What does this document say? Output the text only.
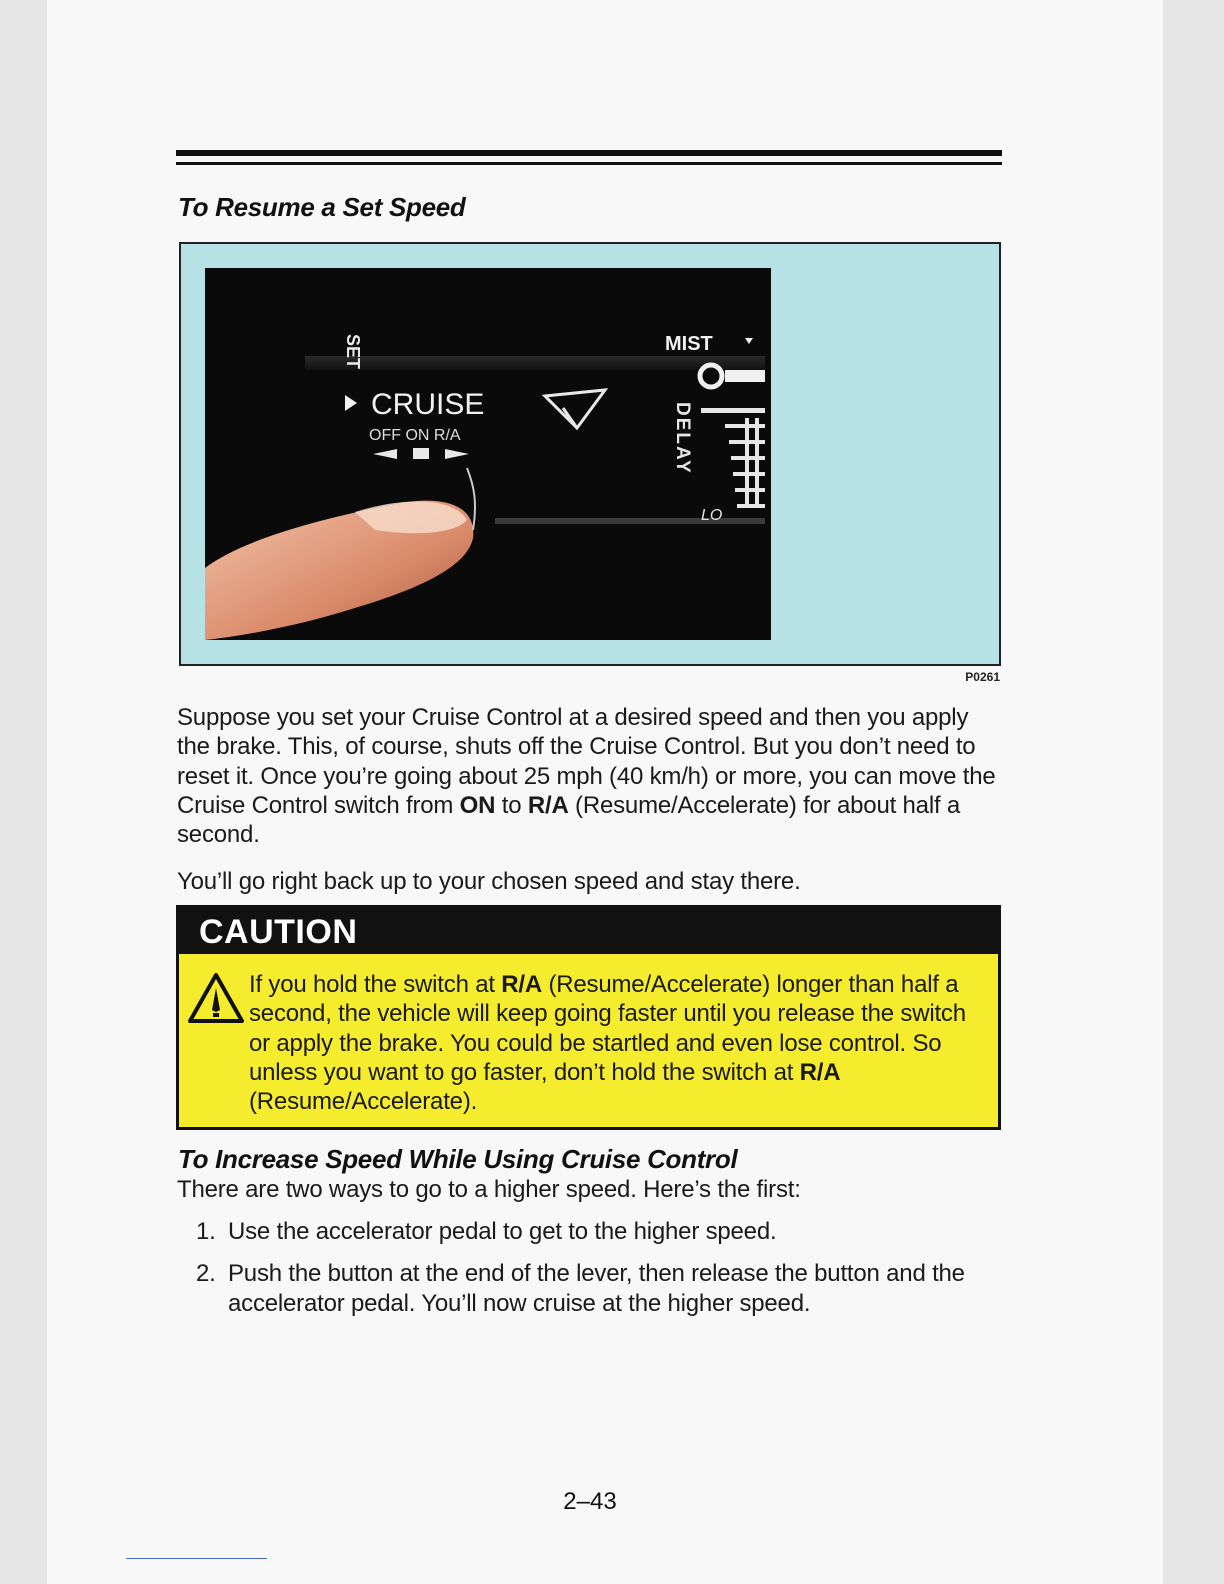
To Resume a Set Speed
SET
CRUISE
OFF ON R/A
MIST
DELAY
LO
P0261

Suppose you set your Cruise Control at a desired speed and then you apply the brake. This, of course, shuts off the Cruise Control. But you don’t need to reset it. Once you’re going about 25 mph (40 km/h) or more, you can move the Cruise Control switch from ON to R/A (Resume/Accelerate) for about half a second.

You’ll go right back up to your chosen speed and stay there.

CAUTION

If you hold the switch at R/A (Resume/Accelerate) longer than half a second, the vehicle will keep going faster until you release the switch or apply the brake. You could be startled and even lose control. So unless you want to go faster, don’t hold the switch at R/A (Resume/Accelerate).

To Increase Speed While Using Cruise Control

There are two ways to go to a higher speed. Here’s the first:

1. Use the accelerator pedal to get to the higher speed.
2. Push the button at the end of the lever, then release the button and the accelerator pedal. You’ll now cruise at the higher speed.
2–43
